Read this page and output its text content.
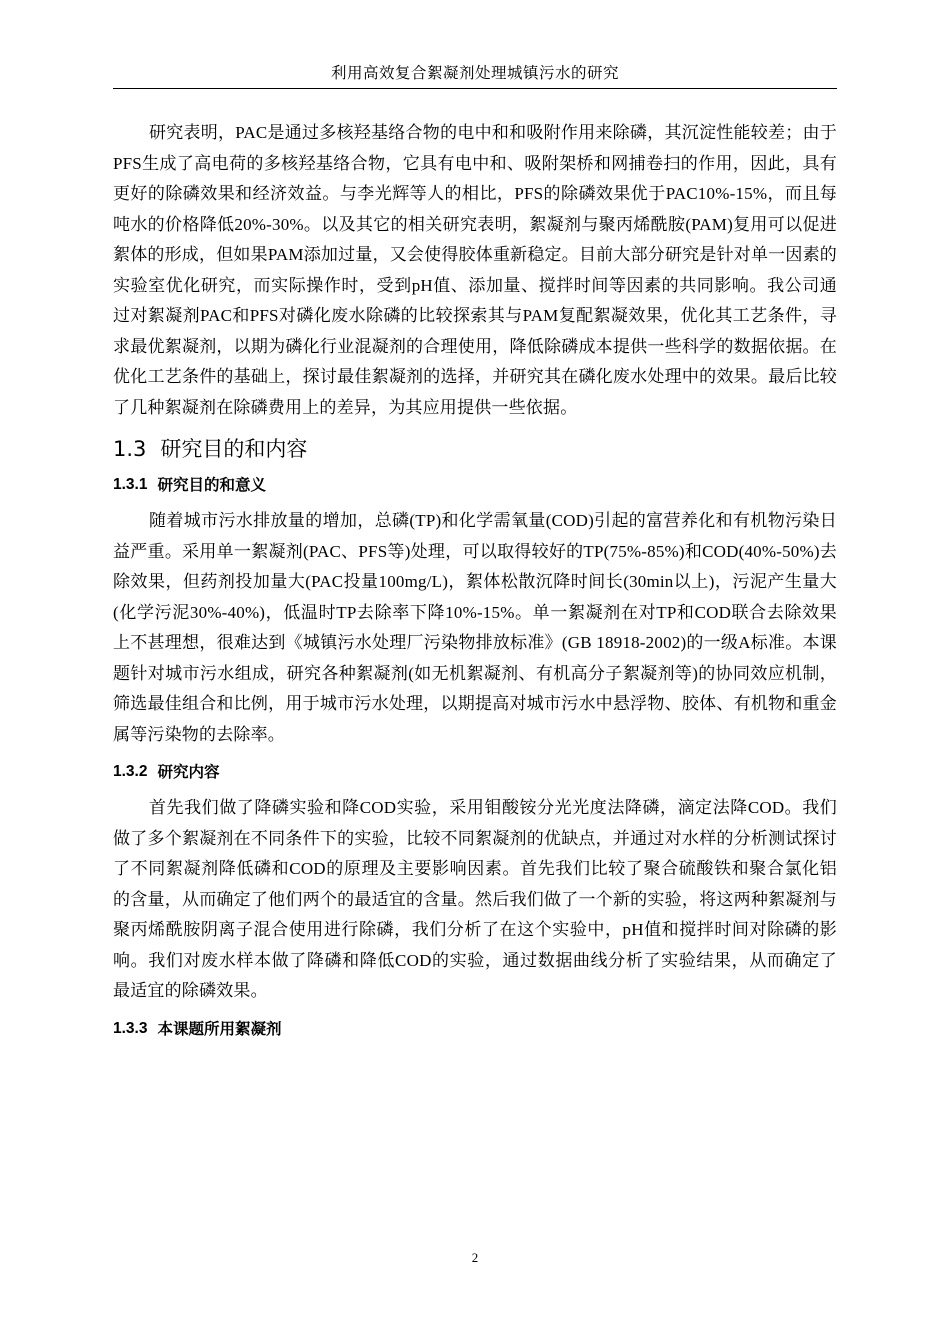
利用高效复合絮凝剂处理城镇污水的研究

研究表明，PAC是通过多核羟基络合物的电中和和吸附作用来除磷，其沉淀性能较差；由于PFS生成了高电荷的多核羟基络合物，它具有电中和、吸附架桥和网捕卷扫的作用，因此，具有更好的除磷效果和经济效益。与李光辉等人的相比，PFS的除磷效果优于PAC10%-15%，而且每吨水的价格降低20%-30%。以及其它的相关研究表明，絮凝剂与聚丙烯酰胺(PAM)复用可以促进絮体的形成，但如果PAM添加过量，又会使得胶体重新稳定。目前大部分研究是针对单一因素的实验室优化研究，而实际操作时，受到pH值、添加量、搅拌时间等因素的共同影响。我公司通过对絮凝剂PAC和PFS对磷化废水除磷的比较探索其与PAM复配絮凝效果，优化其工艺条件，寻求最优絮凝剂，以期为磷化行业混凝剂的合理使用，降低除磷成本提供一些科学的数据依据。在优化工艺条件的基础上，探讨最佳絮凝剂的选择，并研究其在磷化废水处理中的效果。最后比较了几种絮凝剂在除磷费用上的差异，为其应用提供一些依据。

1.3 研究目的和内容
1.3.1 研究目的和意义

随着城市污水排放量的增加，总磷(TP)和化学需氧量(COD)引起的富营养化和有机物污染日益严重。采用单一絮凝剂(PAC、PFS等)处理，可以取得较好的TP(75%-85%)和COD(40%-50%)去除效果，但药剂投加量大(PAC投量100mg/L)，絮体松散沉降时间长(30min以上)，污泥产生量大(化学污泥30%-40%)，低温时TP去除率下降10%-15%。单一絮凝剂在对TP和COD联合去除效果上不甚理想，很难达到《城镇污水处理厂污染物排放标准》(GB 18918-2002)的一级A标准。本课题针对城市污水组成，研究各种絮凝剂(如无机絮凝剂、有机高分子絮凝剂等)的协同效应机制，筛选最佳组合和比例，用于城市污水处理，以期提高对城市污水中悬浮物、胶体、有机物和重金属等污染物的去除率。

1.3.2 研究内容

首先我们做了降磷实验和降COD实验，采用钼酸铵分光光度法降磷，滴定法降COD。我们做了多个絮凝剂在不同条件下的实验，比较不同絮凝剂的优缺点，并通过对水样的分析测试探讨了不同絮凝剂降低磷和COD的原理及主要影响因素。首先我们比较了聚合硫酸铁和聚合氯化铝的含量，从而确定了他们两个的最适宜的含量。然后我们做了一个新的实验，将这两种絮凝剂与聚丙烯酰胺阴离子混合使用进行除磷，我们分析了在这个实验中，pH值和搅拌时间对除磷的影响。我们对废水样本做了降磷和降低COD的实验，通过数据曲线分析了实验结果，从而确定了最适宜的除磷效果。

1.3.3 本课题所用絮凝剂
2
